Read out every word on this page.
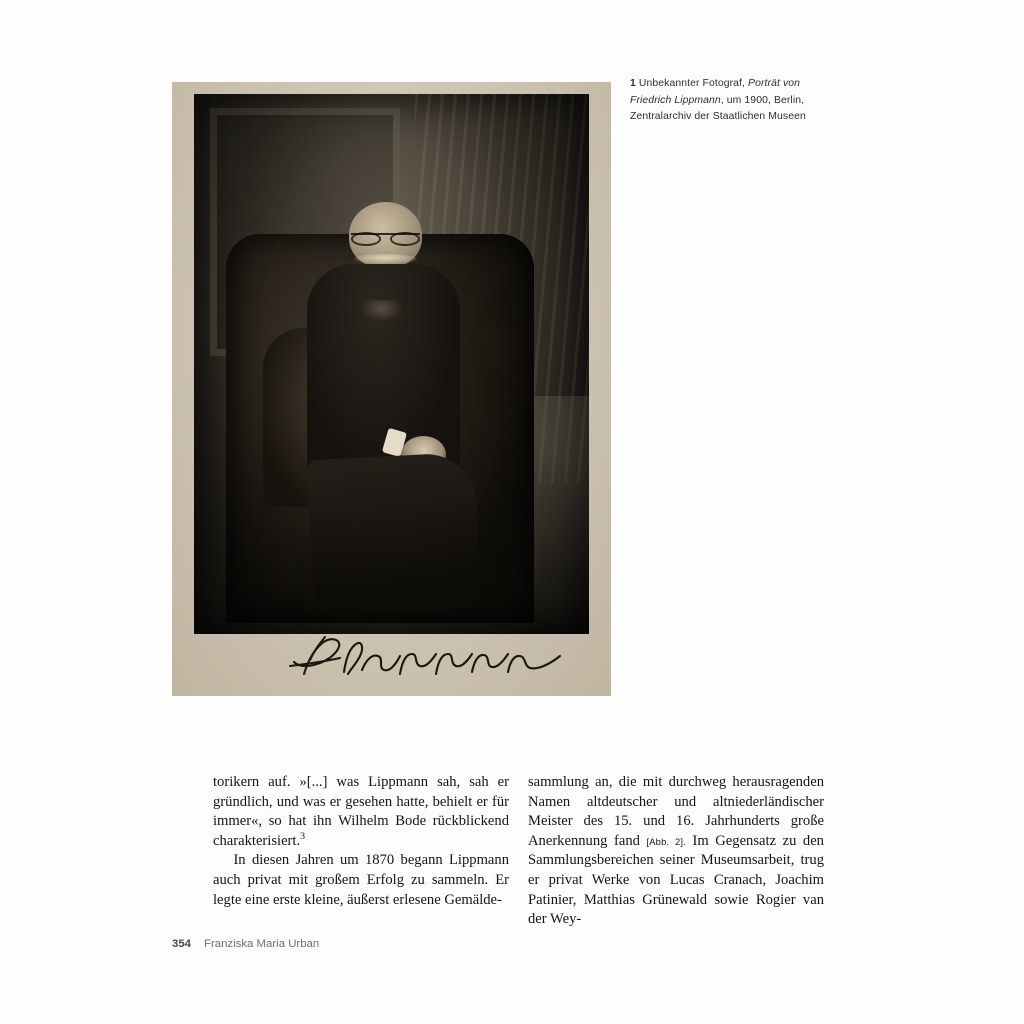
1 Unbekannter Fotograf, Porträt von Friedrich Lippmann, um 1900, Berlin, Zentralarchiv der Staatlichen Museen

torikern auf. »[...] was Lippmann sah, sah er gründlich, und was er gesehen hatte, behielt er für immer«, so hat ihn Wilhelm Bode rückblickend charakterisiert.$^3$

In diesen Jahren um 1870 begann Lippmann auch privat mit großem Erfolg zu sammeln. Er legte eine erste kleine, äußerst erlesene Gemälde-

sammlung an, die mit durchweg herausragenden Namen altdeutscher und altniederländischer Meister des 15. und 16. Jahrhunderts große Anerkennung fand [Abb. 2]. Im Gegensatz zu den Sammlungsbereichen seiner Museumsarbeit, trug er privat Werke von Lucas Cranach, Joachim Patinier, Matthias Grünewald sowie Rogier van der Wey-

354 Franziska Maria Urban
